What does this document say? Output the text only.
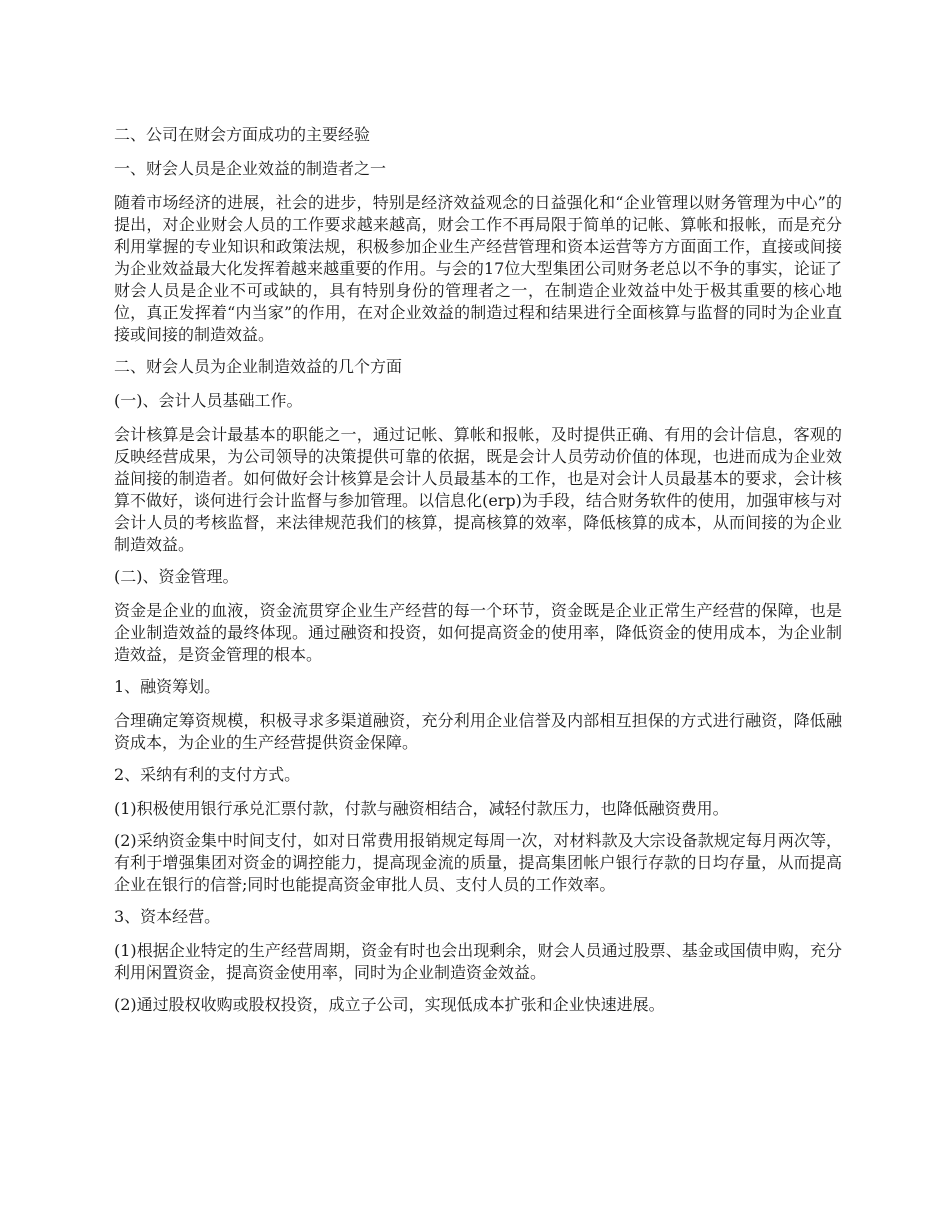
二、公司在财会方面成功的主要经验

一、财会人员是企业效益的制造者之一

随着市场经济的进展，社会的进步，特别是经济效益观念的日益强化和“企业管理以财务管理为中心”的提出，对企业财会人员的工作要求越来越高，财会工作不再局限于简单的记帐、算帐和报帐，而是充分利用掌握的专业知识和政策法规，积极参加企业生产经营管理和资本运营等方方面面工作，直接或间接为企业效益最大化发挥着越来越重要的作用。与会的17位大型集团公司财务老总以不争的事实，论证了财会人员是企业不可或缺的，具有特别身份的管理者之一，在制造企业效益中处于极其重要的核心地位，真正发挥着“内当家”的作用，在对企业效益的制造过程和结果进行全面核算与监督的同时为企业直接或间接的制造效益。

二、财会人员为企业制造效益的几个方面

(一)、会计人员基础工作。

会计核算是会计最基本的职能之一，通过记帐、算帐和报帐，及时提供正确、有用的会计信息，客观的反映经营成果，为公司领导的决策提供可靠的依据，既是会计人员劳动价值的体现，也进而成为企业效益间接的制造者。如何做好会计核算是会计人员最基本的工作，也是对会计人员最基本的要求，会计核算不做好，谈何进行会计监督与参加管理。以信息化(erp)为手段，结合财务软件的使用，加强审核与对会计人员的考核监督，来法律规范我们的核算，提高核算的效率，降低核算的成本，从而间接的为企业制造效益。

(二)、资金管理。

资金是企业的血液，资金流贯穿企业生产经营的每一个环节，资金既是企业正常生产经营的保障，也是企业制造效益的最终体现。通过融资和投资，如何提高资金的使用率，降低资金的使用成本，为企业制造效益，是资金管理的根本。

1、融资筹划。

合理确定筹资规模，积极寻求多渠道融资，充分利用企业信誉及内部相互担保的方式进行融资，降低融资成本，为企业的生产经营提供资金保障。

2、采纳有利的支付方式。

(1)积极使用银行承兑汇票付款，付款与融资相结合，减轻付款压力，也降低融资费用。

(2)采纳资金集中时间支付，如对日常费用报销规定每周一次，对材料款及大宗设备款规定每月两次等，有利于增强集团对资金的调控能力，提高现金流的质量，提高集团帐户银行存款的日均存量，从而提高企业在银行的信誉;同时也能提高资金审批人员、支付人员的工作效率。

3、资本经营。

(1)根据企业特定的生产经营周期，资金有时也会出现剩余，财会人员通过股票、基金或国债申购，充分利用闲置资金，提高资金使用率，同时为企业制造资金效益。

(2)通过股权收购或股权投资，成立子公司，实现低成本扩张和企业快速进展。
